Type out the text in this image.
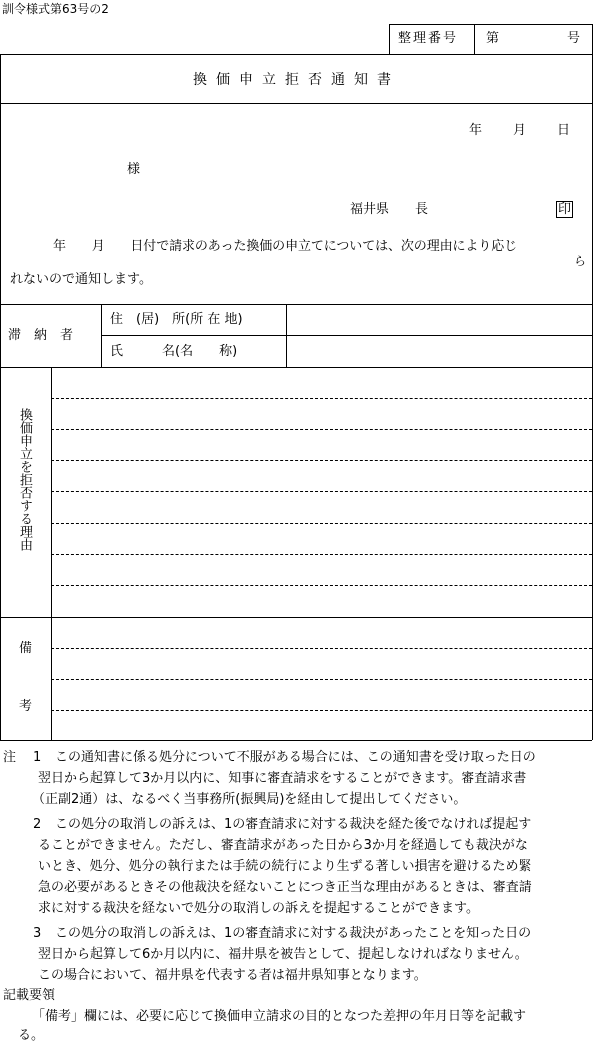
訓令様式第63号の2
整理番号 第	号
換価申立拒否通知書
年 月 日
様
福井県　　長	印
年　　月　　日付で請求のあった換価の申立てについては、次の理由により応じ
ら
れないので通知します。
滞　納　者
住　(居)　所(所 在 地)
氏　　　名(名　　称)
換価申立を拒否する理由
備
考
注 1 この通知書に係る処分について不服がある場合には、この通知書を受け取った日の
翌日から起算して3か月以内に、知事に審査請求をすることができます。審査請求書
（正副2通）は、なるべく当事務所(振興局)を経由して提出してください。
2 この処分の取消しの訴えは、1の審査請求に対する裁決を経た後でなければ提起す
ることができません。ただし、審査請求があった日から3か月を経過しても裁決がな
いとき、処分、処分の執行または手続の続行により生ずる著しい損害を避けるため緊
急の必要があるときその他裁決を経ないことにつき正当な理由があるときは、審査請
求に対する裁決を経ないで処分の取消しの訴えを提起することができます。
3 この処分の取消しの訴えは、1の審査請求に対する裁決があったことを知った日の
翌日から起算して6か月以内に、福井県を被告として、提起しなければなりません。
この場合において、福井県を代表する者は福井県知事となります。
記載要領
「備考」欄には、必要に応じて換価申立請求の目的となつた差押の年月日等を記載す
る。
